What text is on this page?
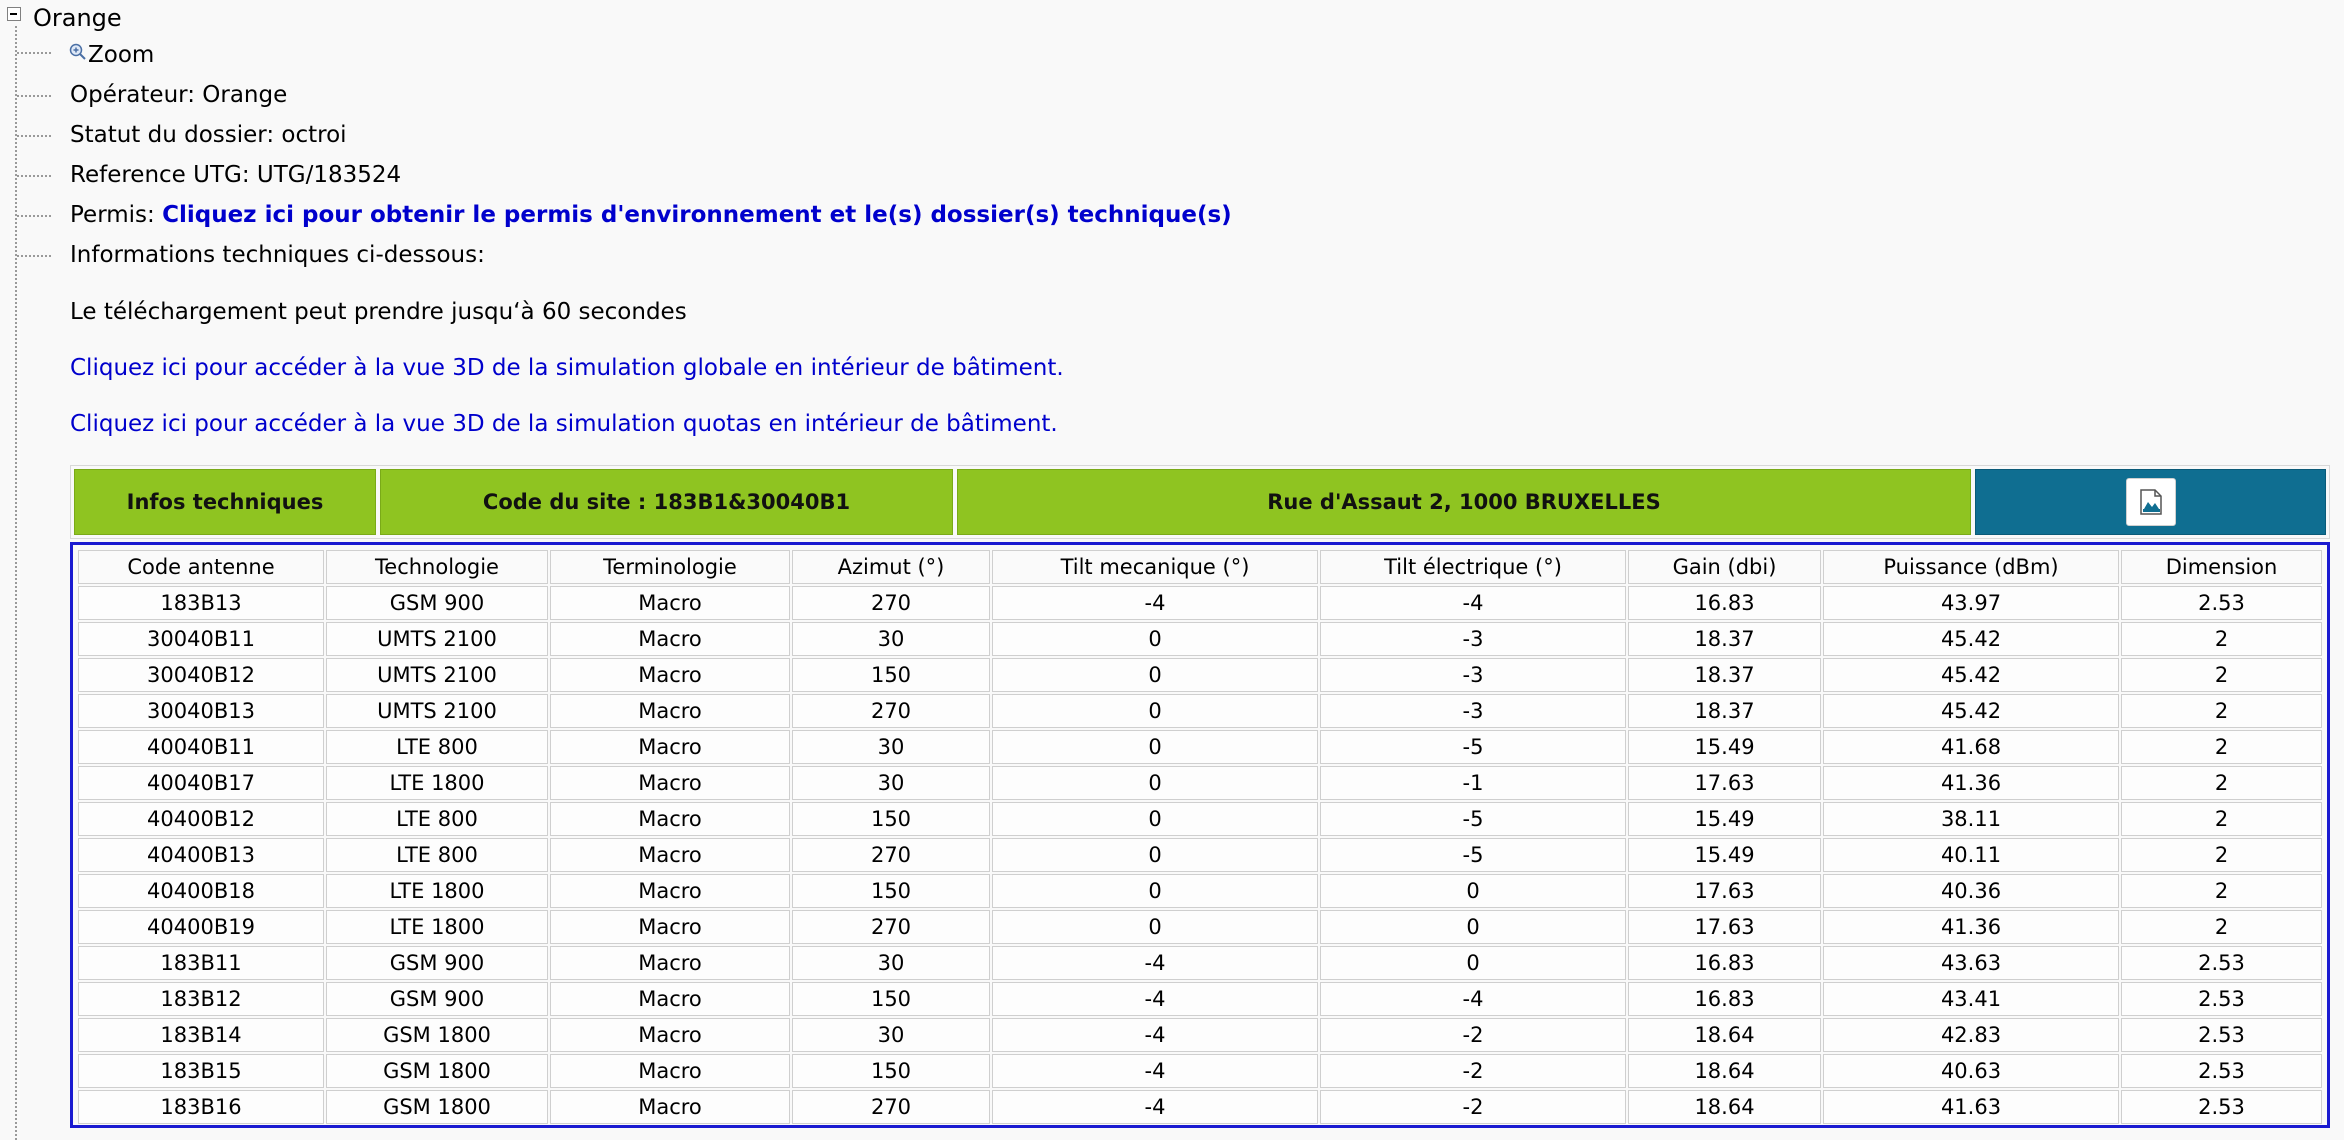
Orange
Zoom
Opérateur: Orange
Statut du dossier: octroi
Reference UTG: UTG/183524
Permis: Cliquez ici pour obtenir le permis d'environnement et le(s) dossier(s) technique(s)
Informations techniques ci-dessous:
Le téléchargement peut prendre jusqu‘à 60 secondes
Cliquez ici pour accéder à la vue 3D de la simulation globale en intérieur de bâtiment.
Cliquez ici pour accéder à la vue 3D de la simulation quotas en intérieur de bâtiment.
Infos techniques	Code du site : 183B1&30040B1	Rue d'Assaut 2, 1000 BRUXELLES
Code antenne	Technologie	Terminologie	Azimut (°)	Tilt mecanique (°)	Tilt électrique (°)	Gain (dbi)	Puissance (dBm)	Dimension
183B13	GSM 900	Macro	270	-4	-4	16.83	43.97	2.53
30040B11	UMTS 2100	Macro	30	0	-3	18.37	45.42	2
30040B12	UMTS 2100	Macro	150	0	-3	18.37	45.42	2
30040B13	UMTS 2100	Macro	270	0	-3	18.37	45.42	2
40040B11	LTE 800	Macro	30	0	-5	15.49	41.68	2
40040B17	LTE 1800	Macro	30	0	-1	17.63	41.36	2
40400B12	LTE 800	Macro	150	0	-5	15.49	38.11	2
40400B13	LTE 800	Macro	270	0	-5	15.49	40.11	2
40400B18	LTE 1800	Macro	150	0	0	17.63	40.36	2
40400B19	LTE 1800	Macro	270	0	0	17.63	41.36	2
183B11	GSM 900	Macro	30	-4	0	16.83	43.63	2.53
183B12	GSM 900	Macro	150	-4	-4	16.83	43.41	2.53
183B14	GSM 1800	Macro	30	-4	-2	18.64	42.83	2.53
183B15	GSM 1800	Macro	150	-4	-2	18.64	40.63	2.53
183B16	GSM 1800	Macro	270	-4	-2	18.64	41.63	2.53
